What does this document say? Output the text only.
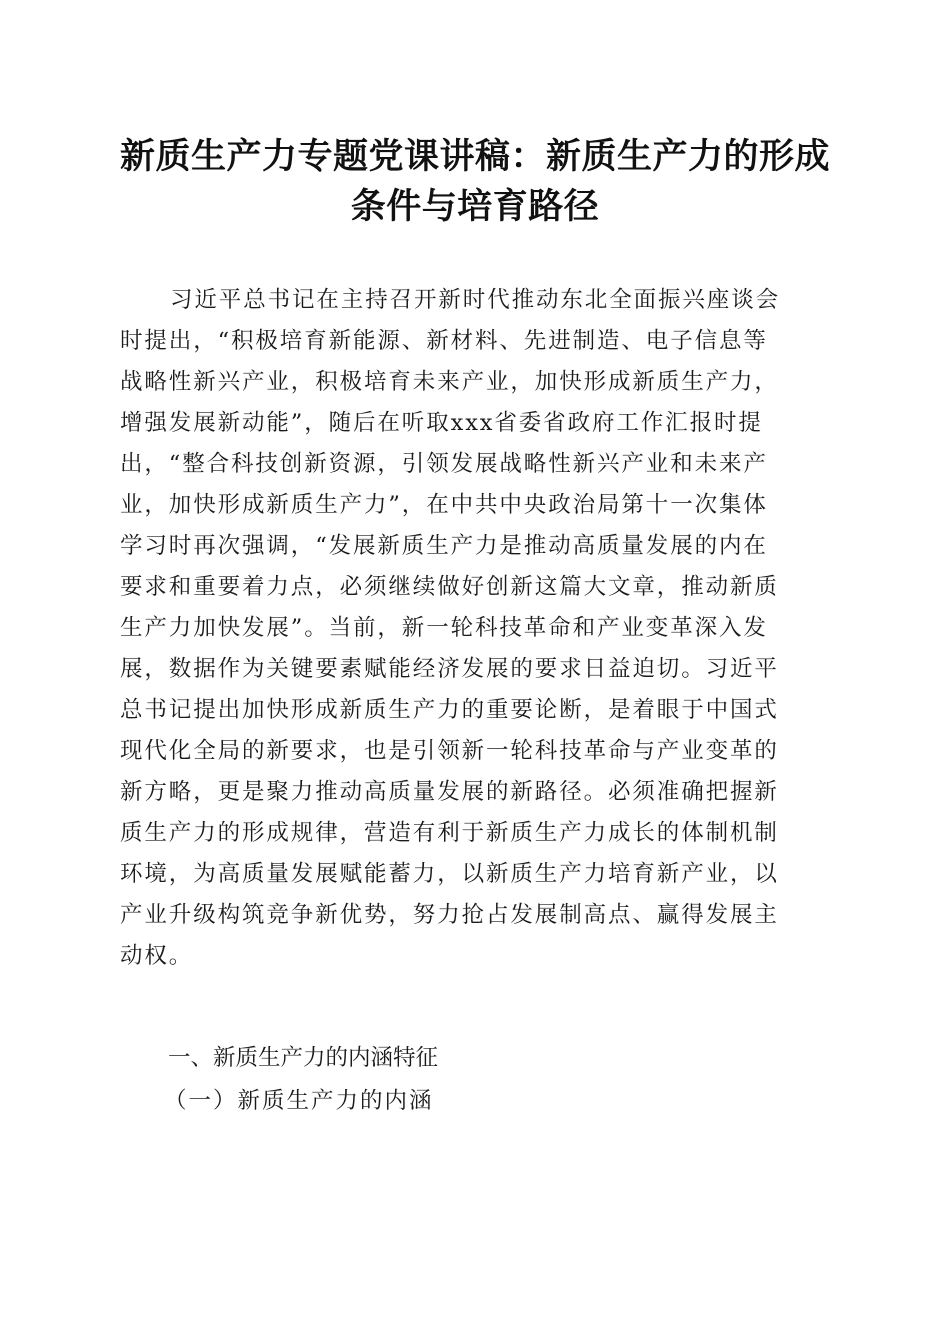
新质生产力专题党课讲稿：新质生产力的形成
条件与培育路径

习近平总书记在主持召开新时代推动东北全面振兴座谈会
时提出，“积极培育新能源、新材料、先进制造、电子信息等
战略性新兴产业，积极培育未来产业，加快形成新质生产力，
增强发展新动能”，随后在听取xxx省委省政府工作汇报时提
出，“整合科技创新资源，引领发展战略性新兴产业和未来产
业，加快形成新质生产力”，在中共中央政治局第十一次集体
学习时再次强调，“发展新质生产力是推动高质量发展的内在
要求和重要着力点，必须继续做好创新这篇大文章，推动新质
生产力加快发展”。当前，新一轮科技革命和产业变革深入发
展，数据作为关键要素赋能经济发展的要求日益迫切。习近平
总书记提出加快形成新质生产力的重要论断，是着眼于中国式
现代化全局的新要求，也是引领新一轮科技革命与产业变革的
新方略，更是聚力推动高质量发展的新路径。必须准确把握新
质生产力的形成规律，营造有利于新质生产力成长的体制机制
环境，为高质量发展赋能蓄力，以新质生产力培育新产业，以
产业升级构筑竞争新优势，努力抢占发展制高点、赢得发展主
动权。

一、新质生产力的内涵特征
（一）新质生产力的内涵
